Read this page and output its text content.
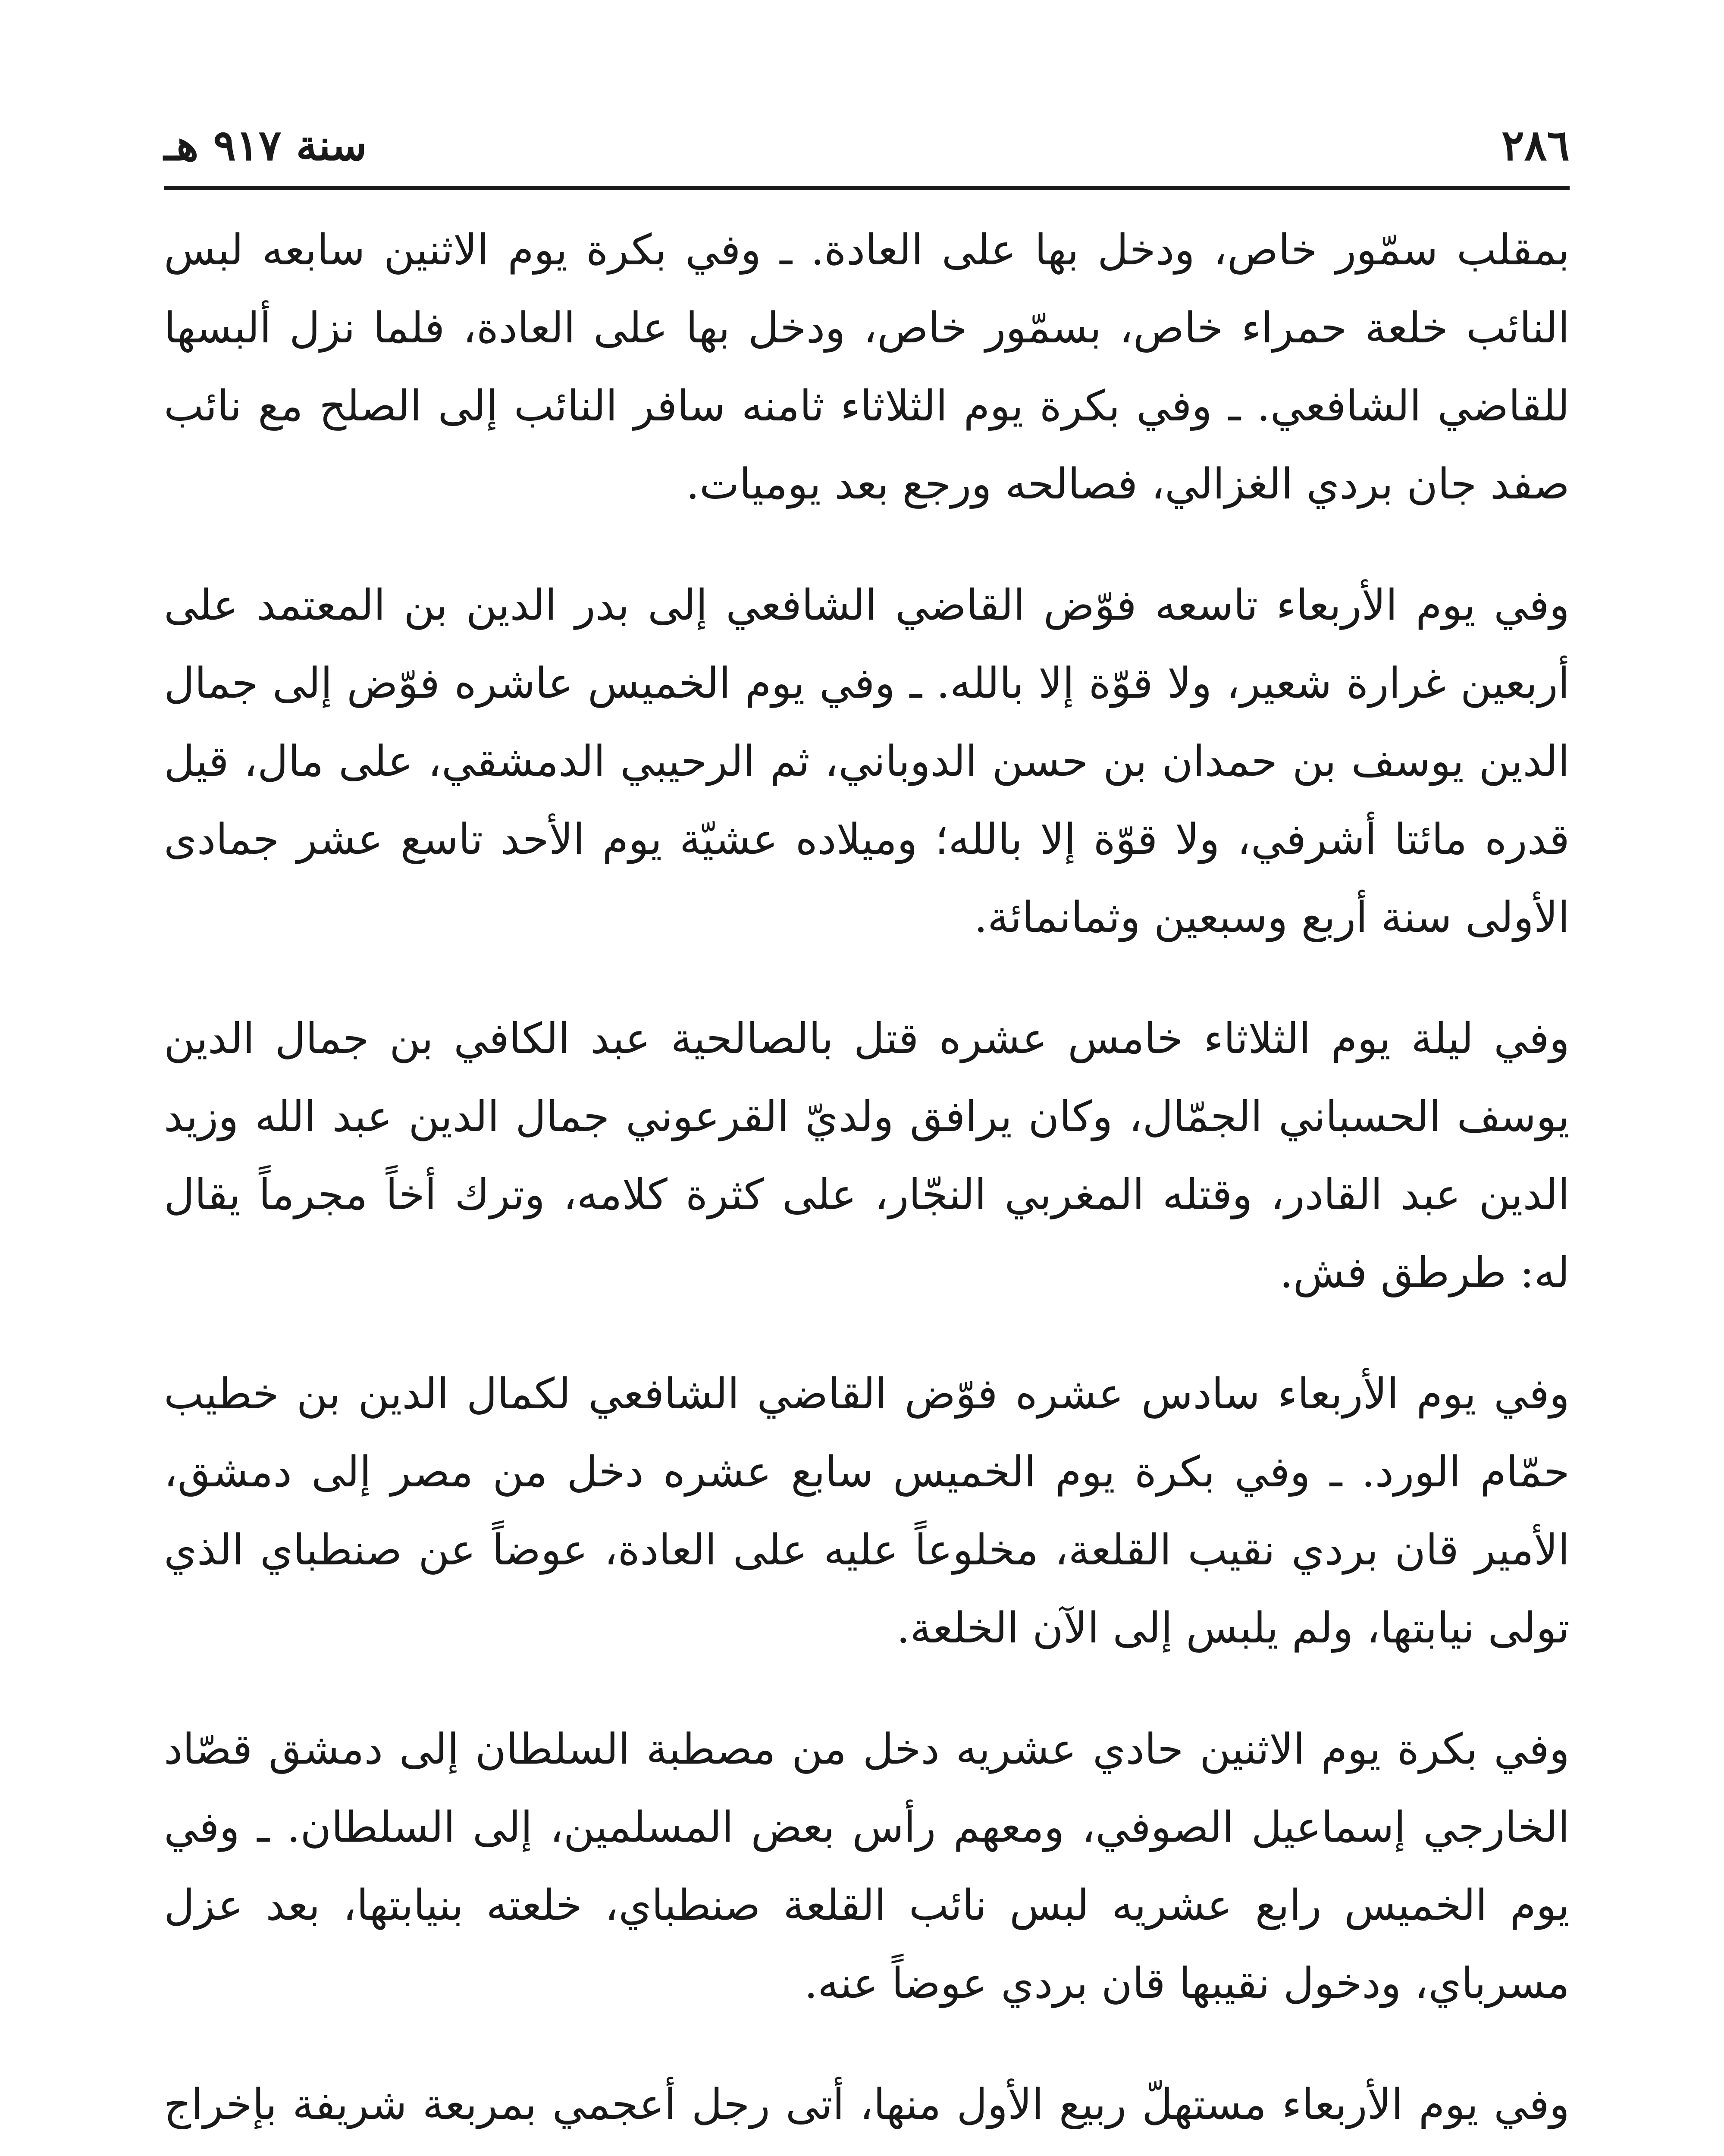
٢٨٦
سنة ٩١٧ هـ

بمقلب سمّور خاص، ودخل بها على العادة. ـ وفي بكرة يوم الاثنين سابعه لبس النائب خلعة حمراء خاص، بسمّور خاص، ودخل بها على العادة، فلما نزل ألبسها للقاضي الشافعي. ـ وفي بكرة يوم الثلاثاء ثامنه سافر النائب إلى الصلح مع نائب صفد جان بردي الغزالي، فصالحه ورجع بعد يوميات.

وفي يوم الأربعاء تاسعه فوّض القاضي الشافعي إلى بدر الدين بن المعتمد على أربعين غرارة شعير، ولا قوّة إلا بالله. ـ وفي يوم الخميس عاشره فوّض إلى جمال الدين يوسف بن حمدان بن حسن الدوباني، ثم الرحيبي الدمشقي، على مال، قيل قدره مائتا أشرفي، ولا قوّة إلا بالله؛ وميلاده عشيّة يوم الأحد تاسع عشر جمادى الأولى سنة أربع وسبعين وثمانمائة.

وفي ليلة يوم الثلاثاء خامس عشره قتل بالصالحية عبد الكافي بن جمال الدين يوسف الحسباني الجمّال، وكان يرافق ولديّ القرعوني جمال الدين عبد الله وزيد الدين عبد القادر، وقتله المغربي النجّار، على كثرة كلامه، وترك أخاً مجرماً يقال له: طرطق فش.

وفي يوم الأربعاء سادس عشره فوّض القاضي الشافعي لكمال الدين بن خطيب حمّام الورد. ـ وفي بكرة يوم الخميس سابع عشره دخل من مصر إلى دمشق، الأمير قان بردي نقيب القلعة، مخلوعاً عليه على العادة، عوضاً عن صنطباي الذي تولى نيابتها، ولم يلبس إلى الآن الخلعة.

وفي بكرة يوم الاثنين حادي عشريه دخل من مصطبة السلطان إلى دمشق قصّاد الخارجي إسماعيل الصوفي، ومعهم رأس بعض المسلمين، إلى السلطان. ـ وفي يوم الخميس رابع عشريه لبس نائب القلعة صنطباي، خلعته بنيابتها، بعد عزل مسرباي، ودخول نقيبها قان بردي عوضاً عنه.

وفي يوم الأربعاء مستهلّ ربيع الأول منها، أتى رجل أعجمي بمربعة شريفة بإخراج
